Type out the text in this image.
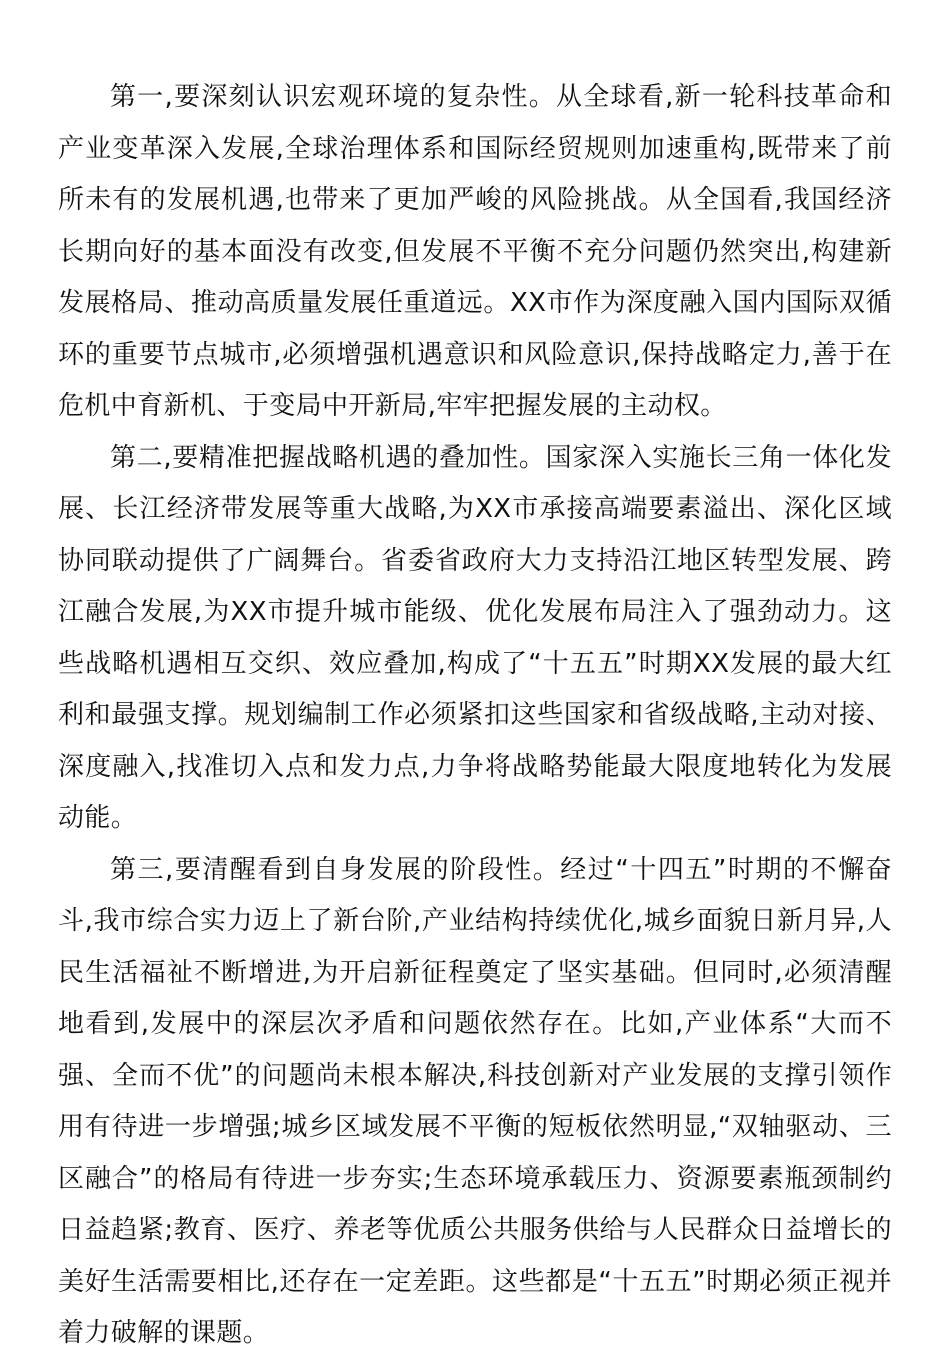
第一,要深刻认识宏观环境的复杂性。从全球看,新一轮科技革命和产业变革深入发展,全球治理体系和国际经贸规则加速重构,既带来了前所未有的发展机遇,也带来了更加严峻的风险挑战。从全国看,我国经济长期向好的基本面没有改变,但发展不平衡不充分问题仍然突出,构建新发展格局、推动高质量发展任重道远。XX市作为深度融入国内国际双循环的重要节点城市,必须增强机遇意识和风险意识,保持战略定力,善于在危机中育新机、于变局中开新局,牢牢把握发展的主动权。

第二,要精准把握战略机遇的叠加性。国家深入实施长三角一体化发展、长江经济带发展等重大战略,为XX市承接高端要素溢出、深化区域协同联动提供了广阔舞台。省委省政府大力支持沿江地区转型发展、跨江融合发展,为XX市提升城市能级、优化发展布局注入了强劲动力。这些战略机遇相互交织、效应叠加,构成了“十五五”时期XX发展的最大红利和最强支撑。规划编制工作必须紧扣这些国家和省级战略,主动对接、深度融入,找准切入点和发力点,力争将战略势能最大限度地转化为发展动能。

第三,要清醒看到自身发展的阶段性。经过“十四五”时期的不懈奋斗,我市综合实力迈上了新台阶,产业结构持续优化,城乡面貌日新月异,人民生活福祉不断增进,为开启新征程奠定了坚实基础。但同时,必须清醒地看到,发展中的深层次矛盾和问题依然存在。比如,产业体系“大而不强、全而不优”的问题尚未根本解决,科技创新对产业发展的支撑引领作用有待进一步增强;城乡区域发展不平衡的短板依然明显,“双轴驱动、三区融合”的格局有待进一步夯实;生态环境承载压力、资源要素瓶颈制约日益趋紧;教育、医疗、养老等优质公共服务供给与人民群众日益增长的美好生活需要相比,还存在一定差距。这些都是“十五五”时期必须正视并着力破解的课题。
